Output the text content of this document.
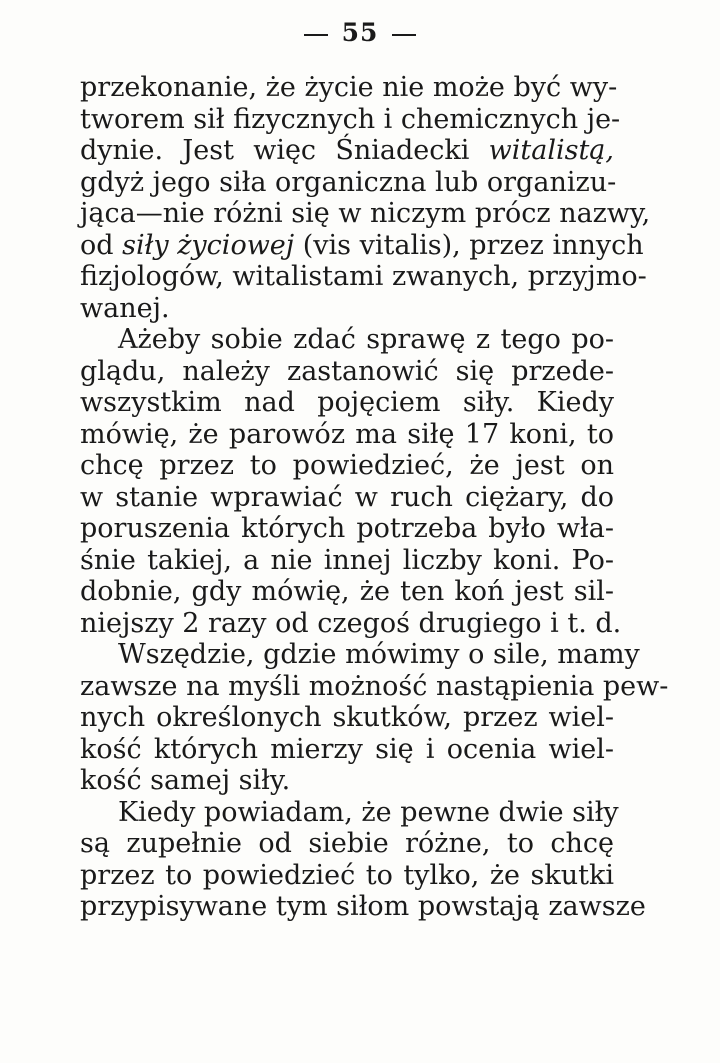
55
przekonanie, że życie nie może być wy-
tworem sił fizycznych i chemicznych je-
dynie. Jest więc Śniadecki witalistą,
gdyż jego siła organiczna lub organizu-
jąca—nie różni się w niczym prócz nazwy,
od siły życiowej (vis vitalis), przez innych
fizjologów, witalistami zwanych, przyjmo-
wanej.
Ażeby sobie zdać sprawę z tego po-
glądu, należy zastanowić się przede-
wszystkim nad pojęciem siły. Kiedy
mówię, że parowóz ma siłę 17 koni, to
chcę przez to powiedzieć, że jest on
w stanie wprawiać w ruch ciężary, do
poruszenia których potrzeba było wła-
śnie takiej, a nie innej liczby koni. Po-
dobnie, gdy mówię, że ten koń jest sil-
niejszy 2 razy od czegoś drugiego i t. d.
Wszędzie, gdzie mówimy o sile, mamy
zawsze na myśli możność nastąpienia pew-
nych określonych skutków, przez wiel-
kość których mierzy się i ocenia wiel-
kość samej siły.
Kiedy powiadam, że pewne dwie siły
są zupełnie od siebie różne, to chcę
przez to powiedzieć to tylko, że skutki
przypisywane tym siłom powstają zawsze
